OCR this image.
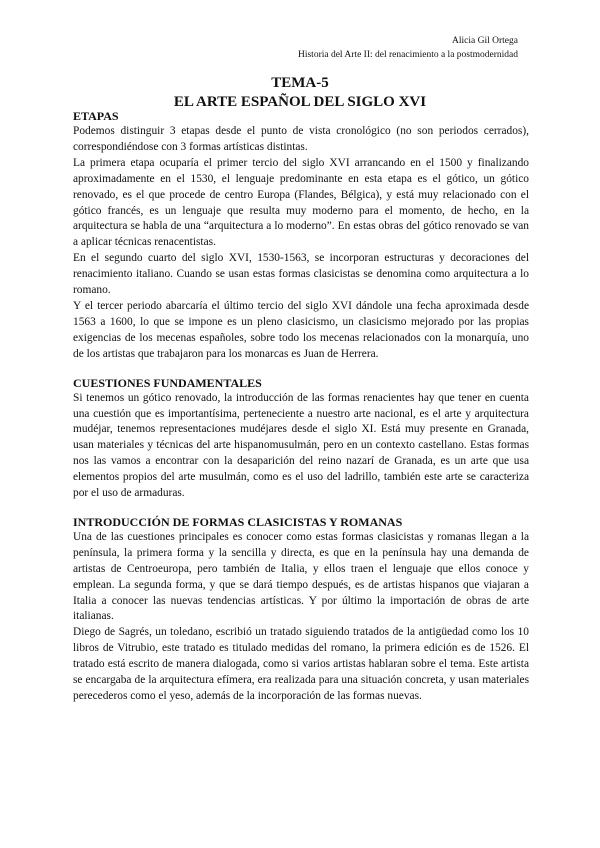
Alicia Gil Ortega
Historia del Arte II: del renacimiento a la postmodernidad
TEMA-5
EL ARTE ESPAÑOL DEL SIGLO XVI
ETAPAS

Podemos distinguir 3 etapas desde el punto de vista cronológico (no son periodos cerrados), correspondiéndose con 3 formas artísticas distintas.

La primera etapa ocuparía el primer tercio del siglo XVI arrancando en el 1500 y finalizando aproximadamente en el 1530, el lenguaje predominante en esta etapa es el gótico, un gótico renovado, es el que procede de centro Europa (Flandes, Bélgica), y está muy relacionado con el gótico francés, es un lenguaje que resulta muy moderno para el momento, de hecho, en la arquitectura se habla de una “arquitectura a lo moderno”. En estas obras del gótico renovado se van a aplicar técnicas renacentistas.

En el segundo cuarto del siglo XVI, 1530-1563, se incorporan estructuras y decoraciones del renacimiento italiano. Cuando se usan estas formas clasicistas se denomina como arquitectura a lo romano.

Y el tercer periodo abarcaría el último tercio del siglo XVI dándole una fecha aproximada desde 1563 a 1600, lo que se impone es un pleno clasicismo, un clasicismo mejorado por las propias exigencias de los mecenas españoles, sobre todo los mecenas relacionados con la monarquía, uno de los artistas que trabajaron para los monarcas es Juan de Herrera.

CUESTIONES FUNDAMENTALES

Si tenemos un gótico renovado, la introducción de las formas renacientes hay que tener en cuenta una cuestión que es importantísima, perteneciente a nuestro arte nacional, es el arte y arquitectura mudéjar, tenemos representaciones mudéjares desde el siglo XI. Está muy presente en Granada, usan materiales y técnicas del arte hispanomusulmán, pero en un contexto castellano. Estas formas nos las vamos a encontrar con la desaparición del reino nazarí de Granada, es un arte que usa elementos propios del arte musulmán, como es el uso del ladrillo, también este arte se caracteriza por el uso de armaduras.

INTRODUCCIÓN DE FORMAS CLASICISTAS Y ROMANAS

Una de las cuestiones principales es conocer como estas formas clasicistas y romanas llegan a la península, la primera forma y la sencilla y directa, es que en la península hay una demanda de artistas de Centroeuropa, pero también de Italia, y ellos traen el lenguaje que ellos conoce y emplean. La segunda forma, y que se dará tiempo después, es de artistas hispanos que viajaran a Italia a conocer las nuevas tendencias artísticas. Y por último la importación de obras de arte italianas.

Diego de Sagrés, un toledano, escribió un tratado siguiendo tratados de la antigüedad como los 10 libros de Vitrubio, este tratado es titulado medidas del romano, la primera edición es de 1526. El tratado está escrito de manera dialogada, como si varios artistas hablaran sobre el tema. Este artista se encargaba de la arquitectura efímera, era realizada para una situación concreta, y usan materiales perecederos como el yeso, además de la incorporación de las formas nuevas.
